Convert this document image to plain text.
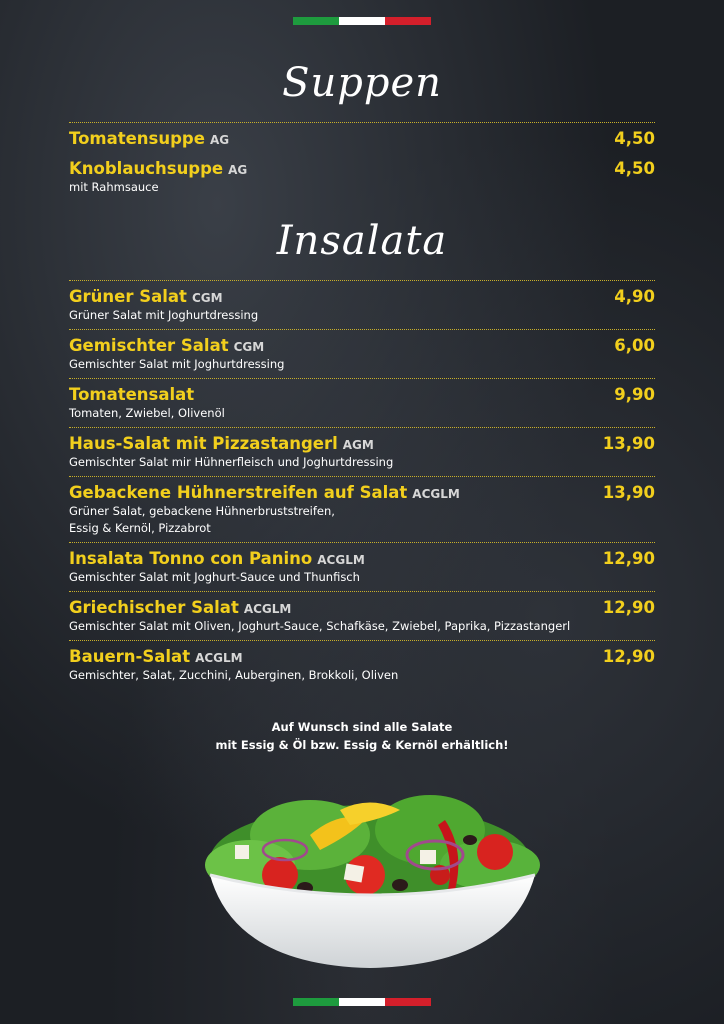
Suppen
Tomatensuppe AG	4,50
Knoblauchsuppe AG	4,50
mit Rahmsauce
Insalata
Grüner Salat CGM	4,90
Grüner Salat mit Joghurtdressing
Gemischter Salat CGM	6,00
Gemischter Salat mit Joghurtdressing
Tomatensalat	9,90
Tomaten, Zwiebel, Olivenöl
Haus-Salat mit Pizzastangerl AGM	13,90
Gemischter Salat mir Hühnerfleisch und Joghurtdressing
Gebackene Hühnerstreifen auf Salat ACGLM	13,90
Grüner Salat, gebackene Hühnerbruststreifen,
Essig & Kernöl, Pizzabrot
Insalata Tonno con Panino ACGLM	12,90
Gemischter Salat mit Joghurt-Sauce und Thunfisch
Griechischer Salat ACGLM	12,90
Gemischter Salat mit Oliven, Joghurt-Sauce, Schafkäse, Zwiebel, Paprika, Pizzastangerl
Bauern-Salat ACGLM	12,90
Gemischter, Salat, Zucchini, Auberginen, Brokkoli, Oliven
Auf Wunsch sind alle Salate
mit Essig & Öl bzw. Essig & Kernöl erhältlich!
